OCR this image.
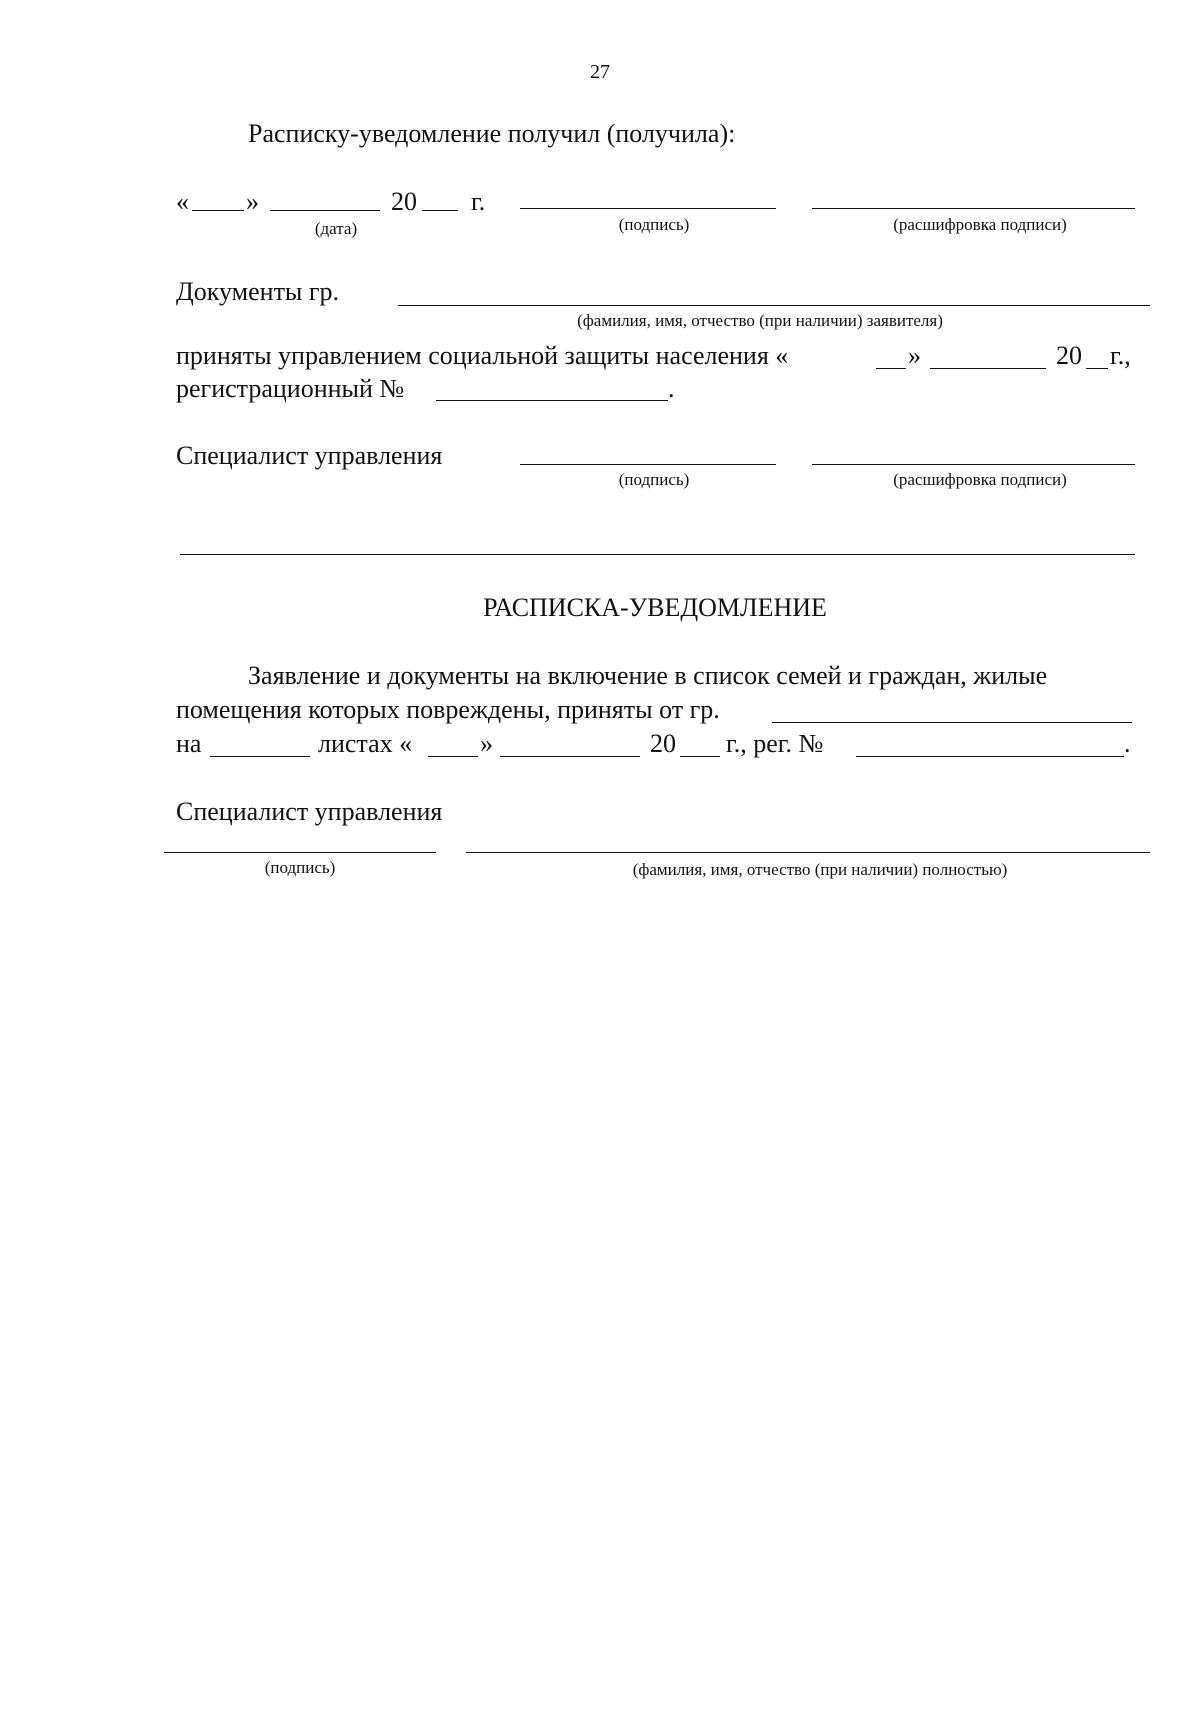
27
Расписку-уведомление получил (получила):
« »	20 г.
(дата)	(подпись)	(расшифровка подписи)
Документы гр.
(фамилия, имя, отчество (при наличии) заявителя)
приняты управлением социальной защиты населения «	»	20 г.,
регистрационный №	.
Специалист управления
(подпись)	(расшифровка подписи)
РАСПИСКА-УВЕДОМЛЕНИЕ
Заявление и документы на включение в список семей и граждан, жилые
помещения которых повреждены, приняты от гр.
на	листах «	»	20 г., рег. №	.
Специалист управления
(подпись)	(фамилия, имя, отчество (при наличии) полностью)
